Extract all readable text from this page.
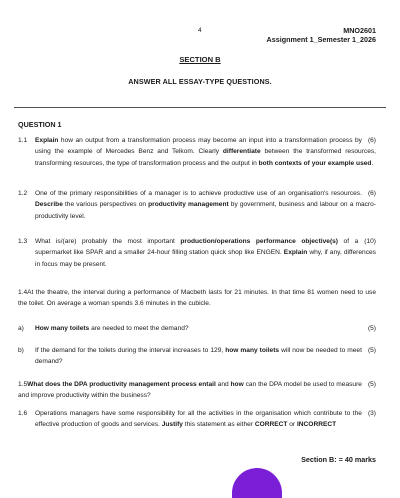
4	MNO2601
Assignment 1_Semester 1_2026
SECTION B
ANSWER ALL ESSAY-TYPE QUESTIONS.
QUESTION 1
1.1	(6)
Explain how an output from a transformation process may become an input into a transformation process by using the example of Mercedes Benz and Telkom. Clearly differentiate between the transformed resources, transforming resources, the type of transformation process and the output in both contexts of your example used.
1.2	(6)
One of the primary responsibilities of a manager is to achieve productive use of an organisation's resources. Describe the various perspectives on productivity management by government, business and labour on a macro-productivity level.
1.3	(10)
What is/(are) probably the most important production/operations performance objective(s) of a supermarket like SPAR and a smaller 24-hour filling station quick shop like ENGEN. Explain why, if any, differences in focus may be present.
1.4At the theatre, the interval during a performance of Macbeth lasts for 21 minutes. In that time 81 women need to use the toilet. On average a woman spends 3.6 minutes in the cubicle.
a)	(5)
How many toilets are needed to meet the demand?
b)	(5)
If the demand for the toilets during the interval increases to 129, how many toilets will now be needed to meet demand?
(5)
1.5What does the DPA productivity management process entail and how can the DPA model be used to measure and improve productivity within the business?
1.6	(3)
Operations managers have some responsibility for all the activities in the organisation which contribute to the effective production of goods and services. Justify this statement as either CORRECT or INCORRECT
Section B: = 40 marks
